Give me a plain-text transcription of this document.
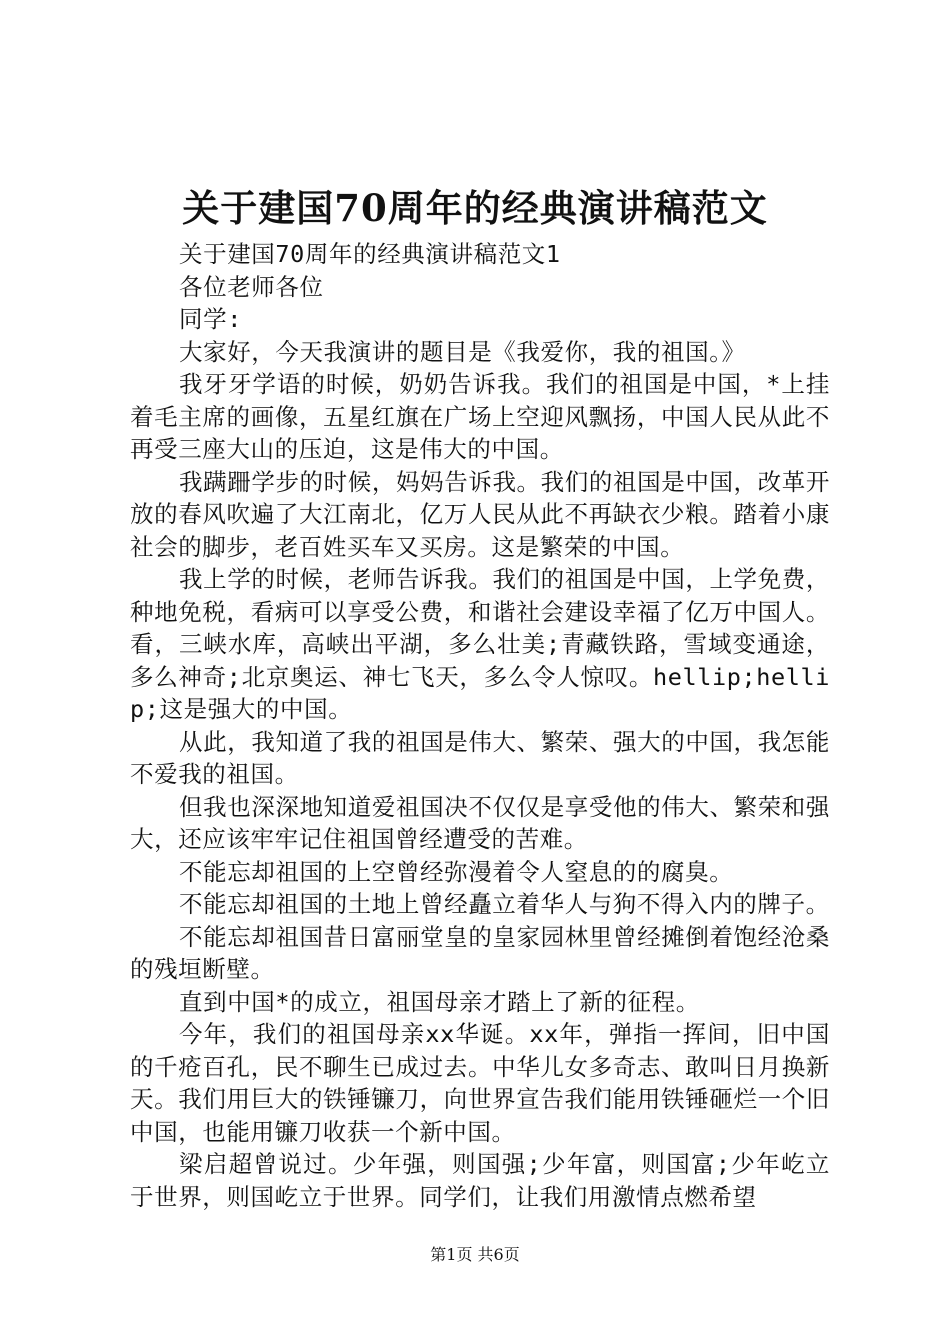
关于建国70周年的经典演讲稿范文

关于建国70周年的经典演讲稿范文1

各位老师各位

同学:

大家好，今天我演讲的题目是《我爱你，我的祖国。》

我牙牙学语的时候，奶奶告诉我。我们的祖国是中国，*上挂着毛主席的画像，五星红旗在广场上空迎风飘扬，中国人民从此不再受三座大山的压迫，这是伟大的中国。

我蹒跚学步的时候，妈妈告诉我。我们的祖国是中国，改革开放的春风吹遍了大江南北，亿万人民从此不再缺衣少粮。踏着小康社会的脚步，老百姓买车又买房。这是繁荣的中国。

我上学的时候，老师告诉我。我们的祖国是中国，上学免费，种地免税，看病可以享受公费，和谐社会建设幸福了亿万中国人。看，三峡水库，高峡出平湖，多么壮美;青藏铁路，雪域变通途，多么神奇;北京奥运、神七飞天，多么令人惊叹。hellip;hellip;这是强大的中国。

从此，我知道了我的祖国是伟大、繁荣、强大的中国，我怎能不爱我的祖国。

但我也深深地知道爱祖国决不仅仅是享受他的伟大、繁荣和强大，还应该牢牢记住祖国曾经遭受的苦难。

不能忘却祖国的上空曾经弥漫着令人窒息的的腐臭。

不能忘却祖国的土地上曾经矗立着华人与狗不得入内的牌子。

不能忘却祖国昔日富丽堂皇的皇家园林里曾经摊倒着饱经沧桑的残垣断壁。

直到中国*的成立，祖国母亲才踏上了新的征程。

今年，我们的祖国母亲xx华诞。xx年，弹指一挥间，旧中国的千疮百孔，民不聊生已成过去。中华儿女多奇志、敢叫日月换新天。我们用巨大的铁锤镰刀，向世界宣告我们能用铁锤砸烂一个旧中国，也能用镰刀收获一个新中国。

梁启超曾说过。少年强，则国强;少年富，则国富;少年屹立于世界，则国屹立于世界。同学们，让我们用激情点燃希望

第1页 共6页
